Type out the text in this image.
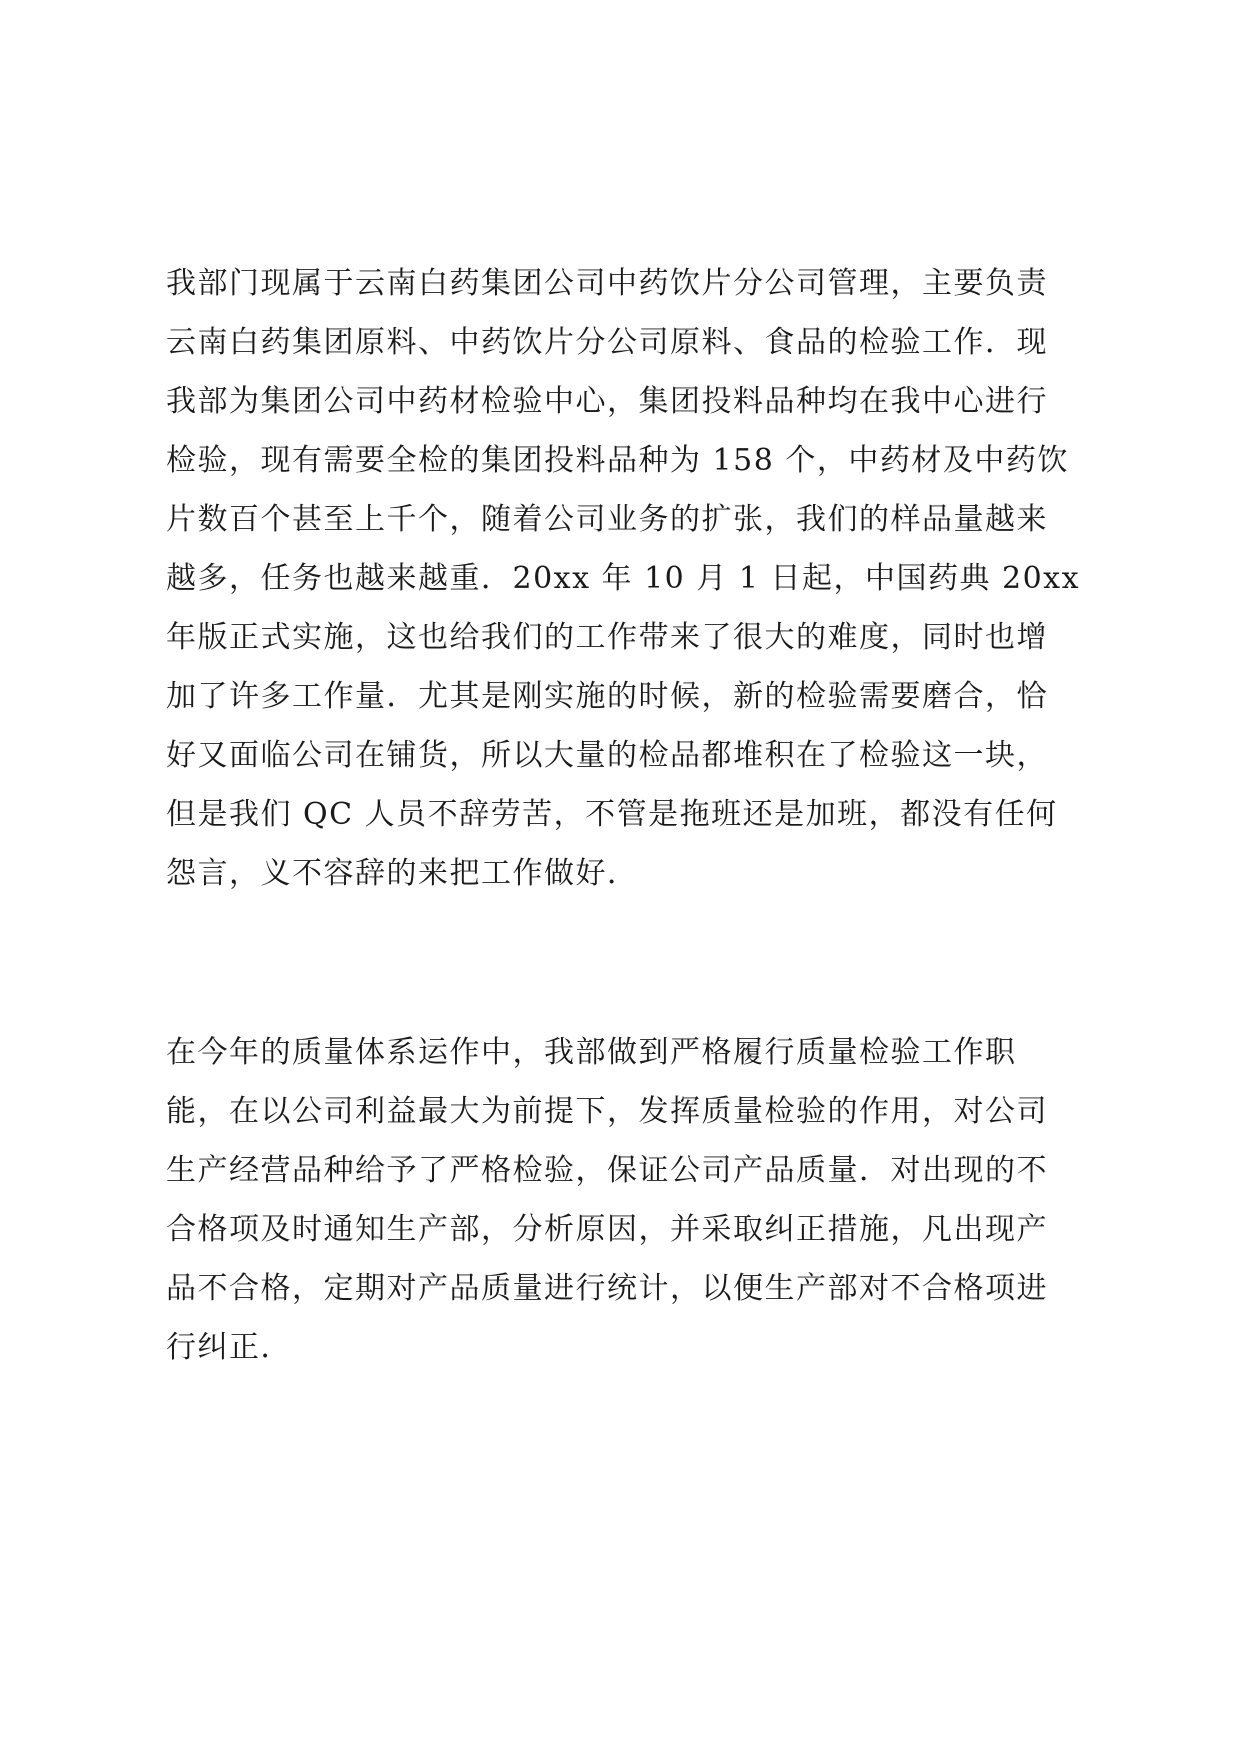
我部门现属于云南白药集团公司中药饮片分公司管理，主要负责
云南白药集团原料、中药饮片分公司原料、食品的检验工作．现
我部为集团公司中药材检验中心，集团投料品种均在我中心进行
检验，现有需要全检的集团投料品种为 158 个，中药材及中药饮
片数百个甚至上千个，随着公司业务的扩张，我们的样品量越来
越多，任务也越来越重．20xx 年 10 月 1 日起，中国药典 20xx
年版正式实施，这也给我们的工作带来了很大的难度，同时也增
加了许多工作量．尤其是刚实施的时候，新的检验需要磨合，恰
好又面临公司在铺货，所以大量的检品都堆积在了检验这一块，
但是我们 QC 人员不辞劳苦，不管是拖班还是加班，都没有任何
怨言，义不容辞的来把工作做好．
在今年的质量体系运作中，我部做到严格履行质量检验工作职
能，在以公司利益最大为前提下，发挥质量检验的作用，对公司
生产经营品种给予了严格检验，保证公司产品质量．对出现的不
合格项及时通知生产部，分析原因，并采取纠正措施，凡出现产
品不合格，定期对产品质量进行统计，以便生产部对不合格项进
行纠正．
